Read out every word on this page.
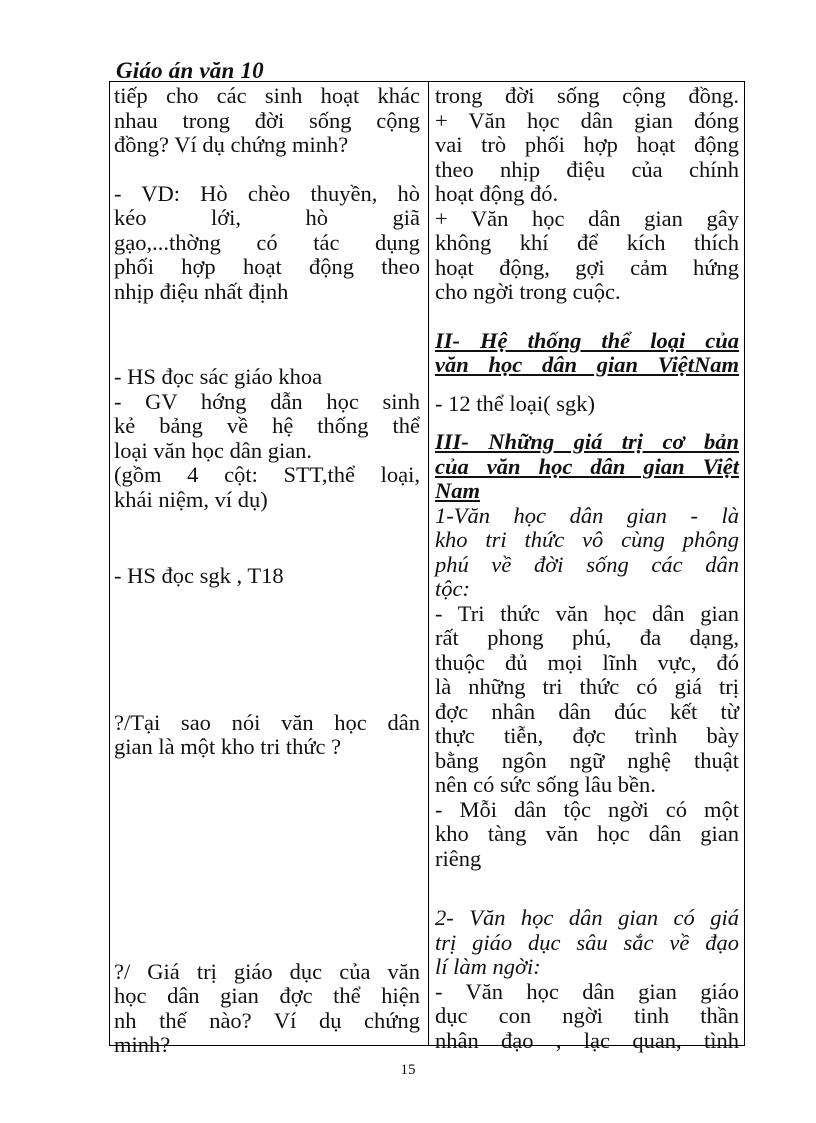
Giáo án văn 10
tiếp cho các sinh hoạt khác
nhau trong đời sống cộng
đồng? Ví dụ chứng minh?
- VD: Hò chèo thuyền, hò
kéo lới, hò giã
gạo,...thờng có tác dụng
phối hợp hoạt động theo
nhịp điệu nhất định
- HS đọc sác giáo khoa
- GV hớng dẫn học sinh
kẻ bảng về hệ thống thể
loại văn học dân gian.
(gồm 4 cột: STT,thể loại,
khái niệm, ví dụ)
- HS đọc sgk , T18
?/Tại sao nói văn học dân
gian là một kho tri thức ?
?/ Giá trị giáo dục của văn
học dân gian đợc thể hiện
nh thế nào? Ví dụ chứng
minh?
trong đời sống cộng đồng.
+ Văn học dân gian đóng
vai trò phối hợp hoạt động
theo nhịp điệu của chính
hoạt động đó.
+ Văn học dân gian gây
không khí để kích thích
hoạt động, gợi cảm hứng
cho ngời trong cuộc.
II- Hệ thống thể loại của
văn học dân gian ViệtNam
- 12 thể loại( sgk)
III- Những giá trị cơ bản
của văn học dân gian Việt
Nam
1-Văn học dân gian - là
kho tri thức vô cùng phông
phú về đời sống các dân
tộc:
- Tri thức văn học dân gian
rất phong phú, đa dạng,
thuộc đủ mọi lĩnh vực, đó
là những tri thức có giá trị
đợc nhân dân đúc kết từ
thực tiễn, đợc trình bày
bằng ngôn ngữ nghệ thuật
nên có sức sống lâu bền.
- Mỗi dân tộc ngời có một
kho tàng văn học dân gian
riêng
2- Văn học dân gian có giá
trị giáo dục sâu sắc về đạo
lí làm ngời:
- Văn học dân gian giáo
dục con ngời tinh thần
nhân đạo , lạc quan, tình
15
